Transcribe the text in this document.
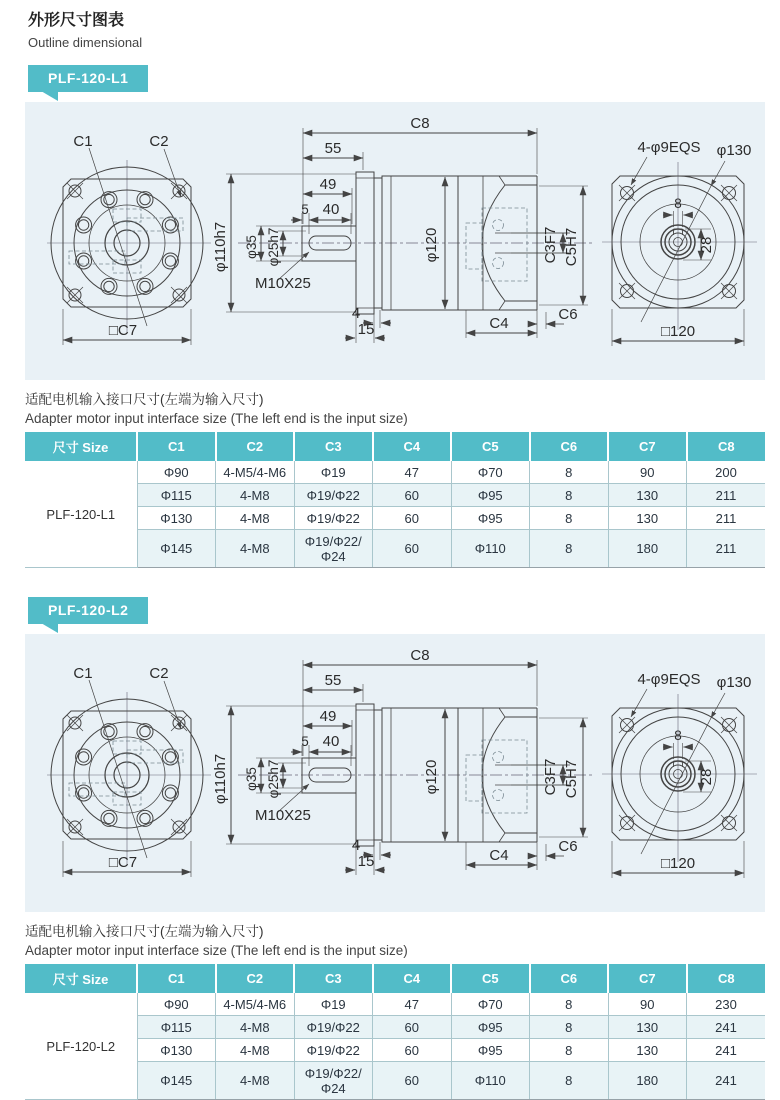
外形尺寸图表
Outline dimensional
PLF-120-L1
C1	C2
□C7
C8
55
49
5 40
φ35 φ25h7
φ110h7
M10X25
φ120	C3F7 C5H7
4
15	C4
C6
4-φ9EQS φ130
8
28
□120
适配电机输入接口尺寸(左端为输入尺寸)
Adapter motor input interface size (The left end is the input size)
尺寸 Size	C1	C2	C3	C4	C5	C6	C7	C8
PLF-120-L1	Φ90	4-M5/4-M6	Φ19	47	Φ70	8	90	200
	Φ115	4-M8	Φ19/Φ22	60	Φ95	8	130	211
	Φ130	4-M8	Φ19/Φ22	60	Φ95	8	130	211
	Φ145	4-M8	Φ19/Φ22/Φ24	60	Φ110	8	180	211
PLF-120-L2
C1	C2
□C7
C8
55
49
5 40
φ35 φ25h7
φ110h7
M10X25
φ120	C3F7 C5H7
4
15	C4
C6
4-φ9EQS φ130
8
28
□120
适配电机输入接口尺寸(左端为输入尺寸)
Adapter motor input interface size (The left end is the input size)
尺寸 Size	C1	C2	C3	C4	C5	C6	C7	C8
PLF-120-L2	Φ90	4-M5/4-M6	Φ19	47	Φ70	8	90	230
	Φ115	4-M8	Φ19/Φ22	60	Φ95	8	130	241
	Φ130	4-M8	Φ19/Φ22	60	Φ95	8	130	241
	Φ145	4-M8	Φ19/Φ22/Φ24	60	Φ110	8	180	241
